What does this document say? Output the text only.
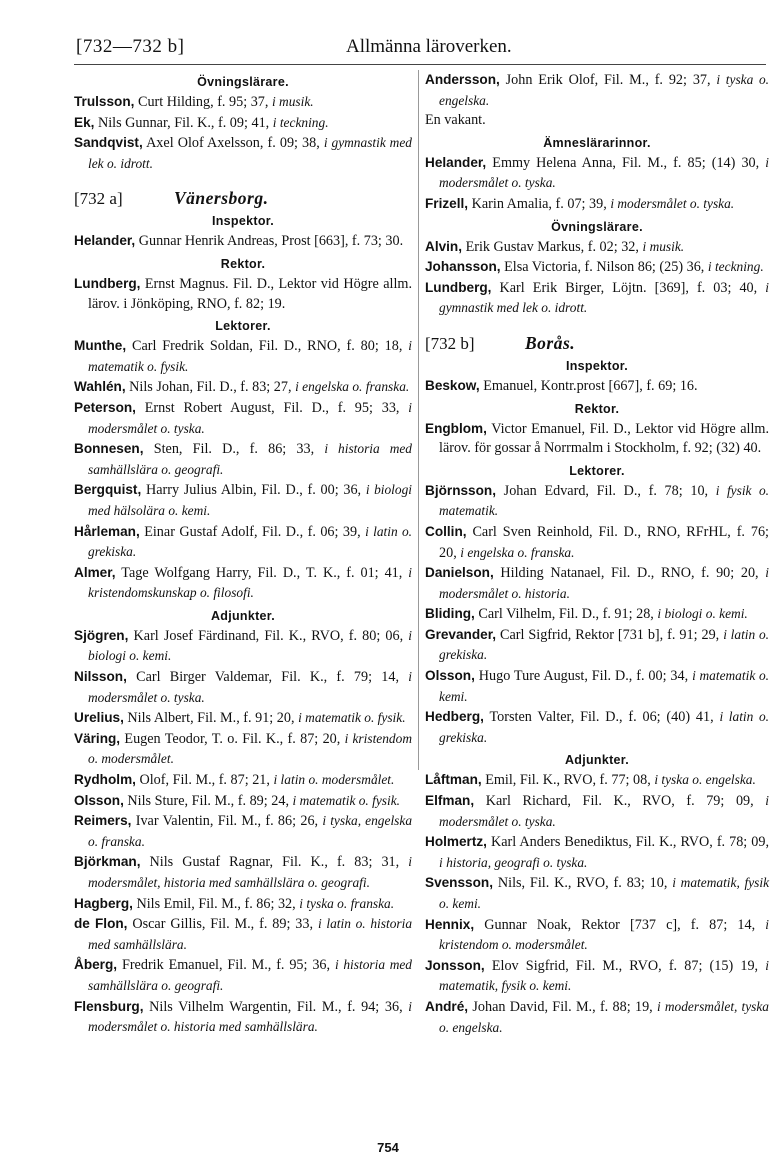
[732—732 b]	Allmänna läroverken.
Övningslärare.

Trulsson, Curt Hilding, f. 95; 37, i musik.

Ek, Nils Gunnar, Fil. K., f. 09; 41, i teckning.

Sandqvist, Axel Olof Axelsson, f. 09; 38, i gymnastik med lek o. idrott.

[732 a]	Vänersborg.
Inspektor.

Helander, Gunnar Henrik Andreas, Prost [663], f. 73; 30.

Rektor.

Lundberg, Ernst Magnus. Fil. D., Lektor vid Högre allm. lärov. i Jönköping, RNO, f. 82; 19.

Lektorer.

Munthe, Carl Fredrik Soldan, Fil. D., RNO, f. 80; 18, i matematik o. fysik.

Wahlén, Nils Johan, Fil. D., f. 83; 27, i engelska o. franska.

Peterson, Ernst Robert August, Fil. D., f. 95; 33, i modersmålet o. tyska.

Bonnesen, Sten, Fil. D., f. 86; 33, i historia med samhällslära o. geografi.

Bergquist, Harry Julius Albin, Fil. D., f. 00; 36, i biologi med hälsolära o. kemi.

Hårleman, Einar Gustaf Adolf, Fil. D., f. 06; 39, i latin o. grekiska.

Almer, Tage Wolfgang Harry, Fil. D., T. K., f. 01; 41, i kristendomskunskap o. filosofi.

Adjunkter.

Sjögren, Karl Josef Färdinand, Fil. K., RVO, f. 80; 06, i biologi o. kemi.

Nilsson, Carl Birger Valdemar, Fil. K., f. 79; 14, i modersmålet o. tyska.

Urelius, Nils Albert, Fil. M., f. 91; 20, i matematik o. fysik.

Väring, Eugen Teodor, T. o. Fil. K., f. 87; 20, i kristendom o. modersmålet.

Rydholm, Olof, Fil. M., f. 87; 21, i latin o. modersmålet.

Olsson, Nils Sture, Fil. M., f. 89; 24, i matematik o. fysik.

Reimers, Ivar Valentin, Fil. M., f. 86; 26, i tyska, engelska o. franska.

Björkman, Nils Gustaf Ragnar, Fil. K., f. 83; 31, i modersmålet, historia med samhällslära o. geografi.

Hagberg, Nils Emil, Fil. M., f. 86; 32, i tyska o. franska.

de Flon, Oscar Gillis, Fil. M., f. 89; 33, i latin o. historia med samhällslära.

Åberg, Fredrik Emanuel, Fil. M., f. 95; 36, i historia med samhällslära o. geografi.

Flensburg, Nils Vilhelm Wargentin, Fil. M., f. 94; 36, i modersmålet o. historia med samhällslära.

Andersson, John Erik Olof, Fil. M., f. 92; 37, i tyska o. engelska.

En vakant.

Ämneslärarinnor.

Helander, Emmy Helena Anna, Fil. M., f. 85; (14) 30, i modersmålet o. tyska.

Frizell, Karin Amalia, f. 07; 39, i modersmålet o. tyska.

Övningslärare.

Alvin, Erik Gustav Markus, f. 02; 32, i musik.

Johansson, Elsa Victoria, f. Nilson 86; (25) 36, i teckning.

Lundberg, Karl Erik Birger, Löjtn. [369], f. 03; 40, i gymnastik med lek o. idrott.

[732 b]	Borås.
Inspektor.

Beskow, Emanuel, Kontr.prost [667], f. 69; 16.

Rektor.

Engblom, Victor Emanuel, Fil. D., Lektor vid Högre allm. lärov. för gossar å Norrmalm i Stockholm, f. 92; (32) 40.

Lektorer.

Björnsson, Johan Edvard, Fil. D., f. 78; 10, i fysik o. matematik.

Collin, Carl Sven Reinhold, Fil. D., RNO, RFrHL, f. 76; 20, i engelska o. franska.

Danielson, Hilding Natanael, Fil. D., RNO, f. 90; 20, i modersmålet o. historia.

Bliding, Carl Vilhelm, Fil. D., f. 91; 28, i biologi o. kemi.

Grevander, Carl Sigfrid, Rektor [731 b], f. 91; 29, i latin o. grekiska.

Olsson, Hugo Ture August, Fil. D., f. 00; 34, i matematik o. kemi.

Hedberg, Torsten Valter, Fil. D., f. 06; (40) 41, i latin o. grekiska.

Adjunkter.

Låftman, Emil, Fil. K., RVO, f. 77; 08, i tyska o. engelska.

Elfman, Karl Richard, Fil. K., RVO, f. 79; 09, i modersmålet o. tyska.

Holmertz, Karl Anders Benediktus, Fil. K., RVO, f. 78; 09, i historia, geografi o. tyska.

Svensson, Nils, Fil. K., RVO, f. 83; 10, i matematik, fysik o. kemi.

Hennix, Gunnar Noak, Rektor [737 c], f. 87; 14, i kristendom o. modersmålet.

Jonsson, Elov Sigfrid, Fil. M., RVO, f. 87; (15) 19, i matematik, fysik o. kemi.

André, Johan David, Fil. M., f. 88; 19, i modersmålet, tyska o. engelska.

754
